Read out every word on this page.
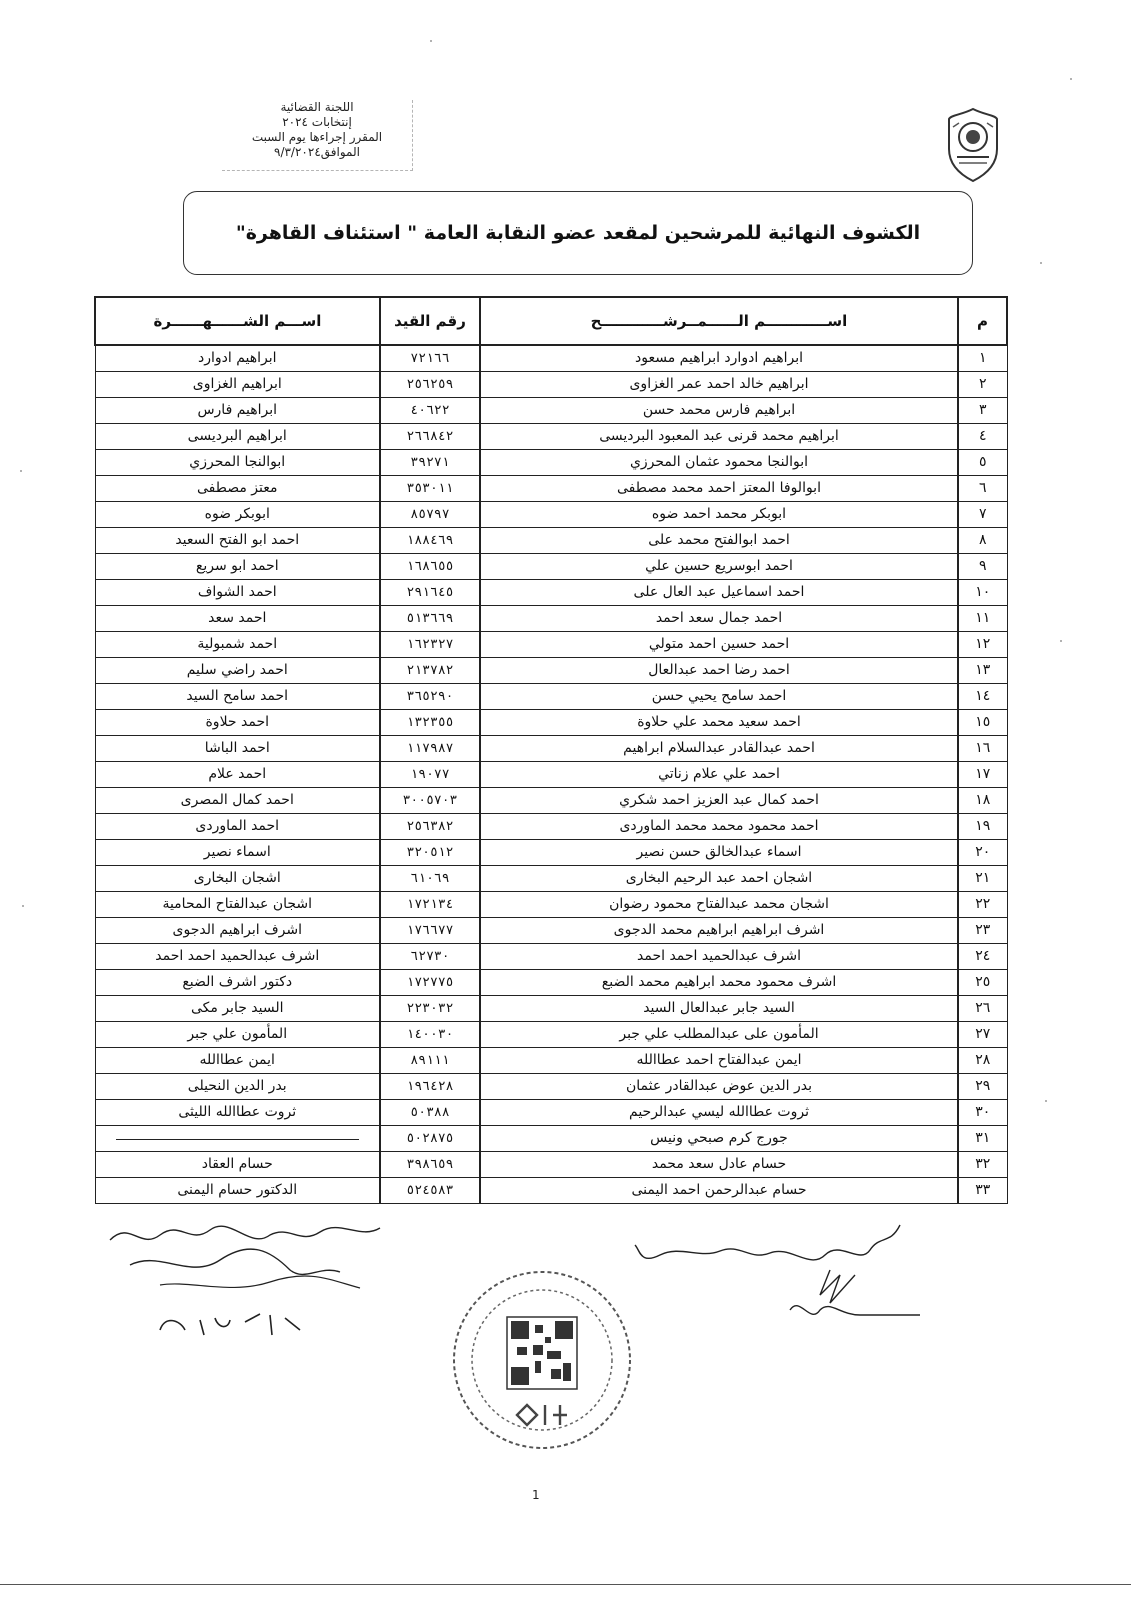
اللجنة القضائية
إنتخابات ٢٠٢٤
المقرر إجراءها يوم السبت
الموافق٩/٣/٢٠٢٤
الكشوف النهائية للمرشحين لمقعد عضو النقابة العامة " استئناف القاهرة"
م	اســــــــــــم الــــــمــرشــــــــــــح	رقم القيد	اســـم الشــــــهــــــرة
١	ابراهيم ادوارد ابراهيم مسعود	٧٢١٦٦	ابراهيم ادوارد
٢	ابراهيم خالد احمد عمر الغزاوى	٢٥٦٢٥٩	ابراهيم الغزاوى
٣	ابراهيم فارس محمد حسن	٤٠٦٢٢	ابراهيم فارس
٤	ابراهيم محمد قرنى عبد المعبود البرديسى	٢٦٦٨٤٢	ابراهيم البرديسى
٥	ابوالنجا محمود عثمان المحرزي	٣٩٢٧١	ابوالنجا المحرزي
٦	ابوالوفا المعتز احمد محمد مصطفى	٣٥٣٠١١	معتز مصطفى
٧	ابوبكر محمد احمد ضوه	٨٥٧٩٧	ابوبكر ضوه
٨	احمد ابوالفتح محمد على	١٨٨٤٦٩	احمد ابو الفتح السعيد
٩	احمد ابوسريع حسين علي	١٦٨٦٥٥	احمد ابو سريع
١٠	احمد اسماعيل عبد العال على	٢٩١٦٤٥	احمد الشواف
١١	احمد جمال سعد احمد	٥١٣٦٦٩	احمد سعد
١٢	احمد حسين احمد متولي	١٦٢٣٢٧	احمد شمبولية
١٣	احمد رضا احمد عبدالعال	٢١٣٧٨٢	احمد راضي سليم
١٤	احمد سامح يحيي حسن	٣٦٥٢٩٠	احمد سامح السيد
١٥	احمد سعيد محمد علي حلاوة	١٣٢٣٥٥	احمد حلاوة
١٦	احمد عبدالقادر عبدالسلام ابراهيم	١١٧٩٨٧	احمد الباشا
١٧	احمد علي علام زناتي	١٩٠٧٧	احمد علام
١٨	احمد كمال عبد العزيز احمد شكري	٣٠٠٥٧٠٣	احمد كمال المصرى
١٩	احمد محمود محمد محمد الماوردى	٢٥٦٣٨٢	احمد الماوردى
٢٠	اسماء عبدالخالق حسن نصير	٣٢٠٥١٢	اسماء نصير
٢١	اشجان احمد عبد الرحيم البخارى	٦١٠٦٩	اشجان البخارى
٢٢	اشجان محمد عبدالفتاح محمود رضوان	١٧٢١٣٤	اشجان عبدالفتاح المحامية
٢٣	اشرف ابراهيم ابراهيم محمد الدجوى	١٧٦٦٧٧	اشرف ابراهيم الدجوى
٢٤	اشرف عبدالحميد احمد احمد	٦٢٧٣٠	اشرف عبدالحميد احمد احمد
٢٥	اشرف محمود محمد ابراهيم محمد الضبع	١٧٢٧٧٥	دكتور اشرف الضبع
٢٦	السيد جابر عبدالعال السيد	٢٢٣٠٣٢	السيد جابر مكى
٢٧	المأمون على عبدالمطلب علي جبر	١٤٠٠٣٠	المأمون علي جبر
٢٨	ايمن عبدالفتاح احمد عطاالله	٨٩١١١	ايمن عطاالله
٢٩	بدر الدين عوض عبدالقادر عثمان	١٩٦٤٢٨	بدر الدين النحيلى
٣٠	ثروت عطاالله ليسي عبدالرحيم	٥٠٣٨٨	ثروت عطاالله الليثى
٣١	جورج كرم صبحي ونيس	٥٠٢٨٧٥	

٣٢	حسام عادل سعد محمد	٣٩٨٦٥٩	حسام العقاد
٣٣	حسام عبدالرحمن احمد اليمنى	٥٢٤٥٨٣	الدكتور حسام اليمنى
1
